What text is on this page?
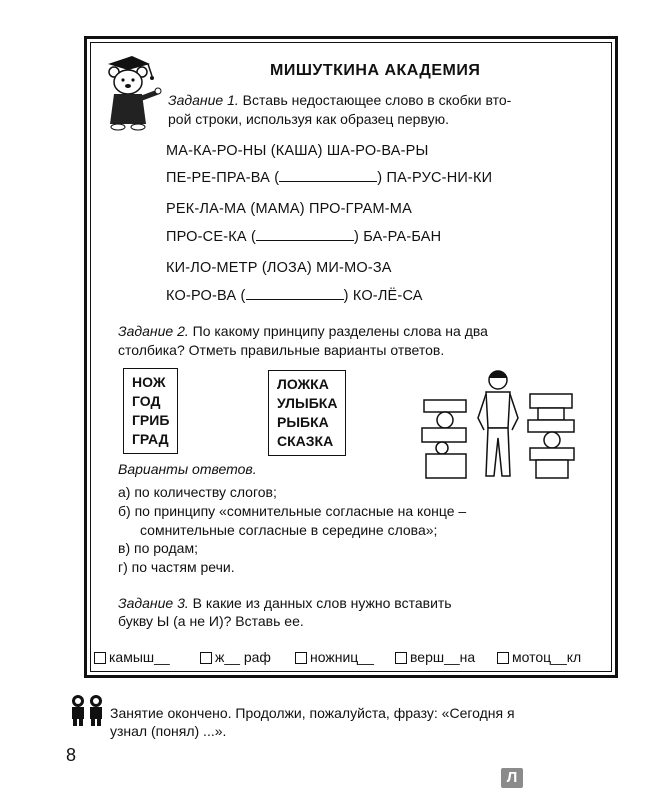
МИШУТКИНА АКАДЕМИЯ
Задание 1. Вставь недостающее слово в скобки вто-
рой строки, используя как образец первую.
МА-КА-РО-НЫ (КАША) ША-РО-ВА-РЫ
ПЕ-РЕ-ПРА-ВА (	) ПА-РУС-НИ-КИ
РЕК-ЛА-МА (МАМА) ПРО-ГРАМ-МА
ПРО-СЕ-КА (	) БА-РА-БАН
КИ-ЛО-МЕТР (ЛОЗА) МИ-МО-ЗА
КО-РО-ВА (	) КО-ЛЁ-СА
Задание 2. По какому принципу разделены слова на два
столбика? Отметь правильные варианты ответов.
НОЖ
ГОД
ГРИБ
ГРАД
ЛОЖКА
УЛЫБКА
РЫБКА
СКАЗКА
Варианты ответов.
а) по количеству слогов;
б) по принципу «сомнительные согласные на конце –
сомнительные согласные в середине слова»;
в) по родам;
г) по частям речи.
Задание 3. В какие из данных слов нужно вставить
букву Ы (а не И)? Вставь ее.
камыш__	ж__ раф	ножниц__	верш__на	мотоц__кл
Занятие окончено. Продолжи, пожалуйста, фразу: «Сегодня я
узнал (понял) ...».
8
Л
